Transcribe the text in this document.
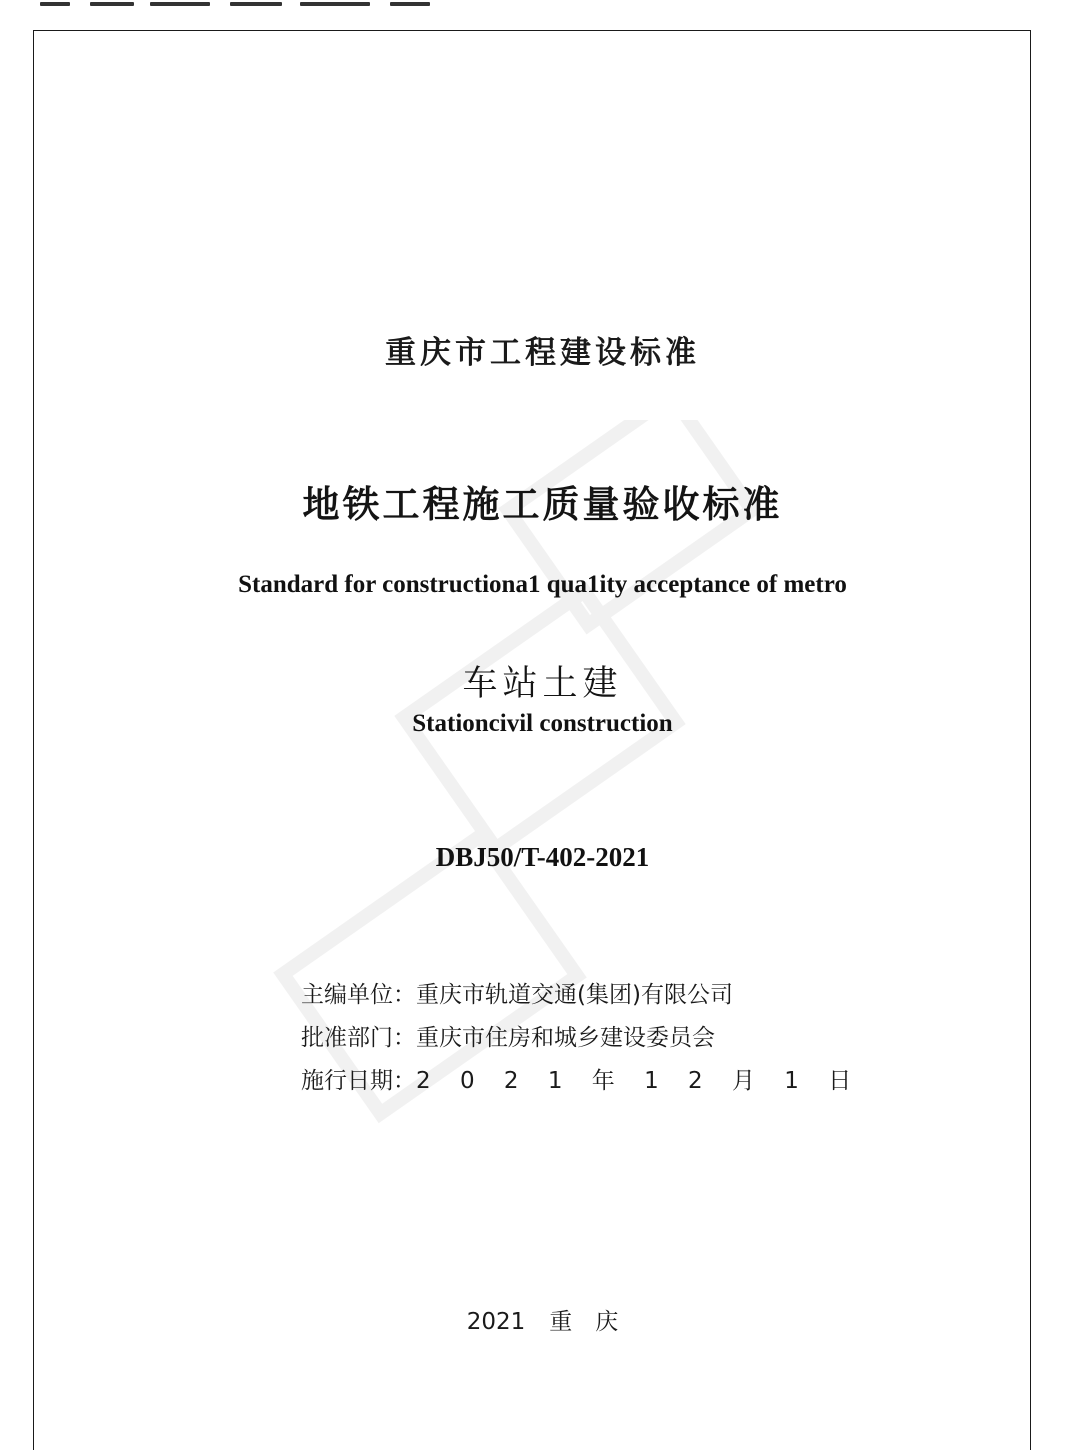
重庆市工程建设标准
地铁工程施工质量验收标准
Standard for constructiona1 qua1ity acceptance of metro
车站土建
Stationcivil construction
DBJ50/T-402-2021
主编单位：重庆市轨道交通(集团)有限公司
批准部门：重庆市住房和城乡建设委员会
施行日期：2 0 2 1 年 1 2 月 1 日
2021 重　庆
